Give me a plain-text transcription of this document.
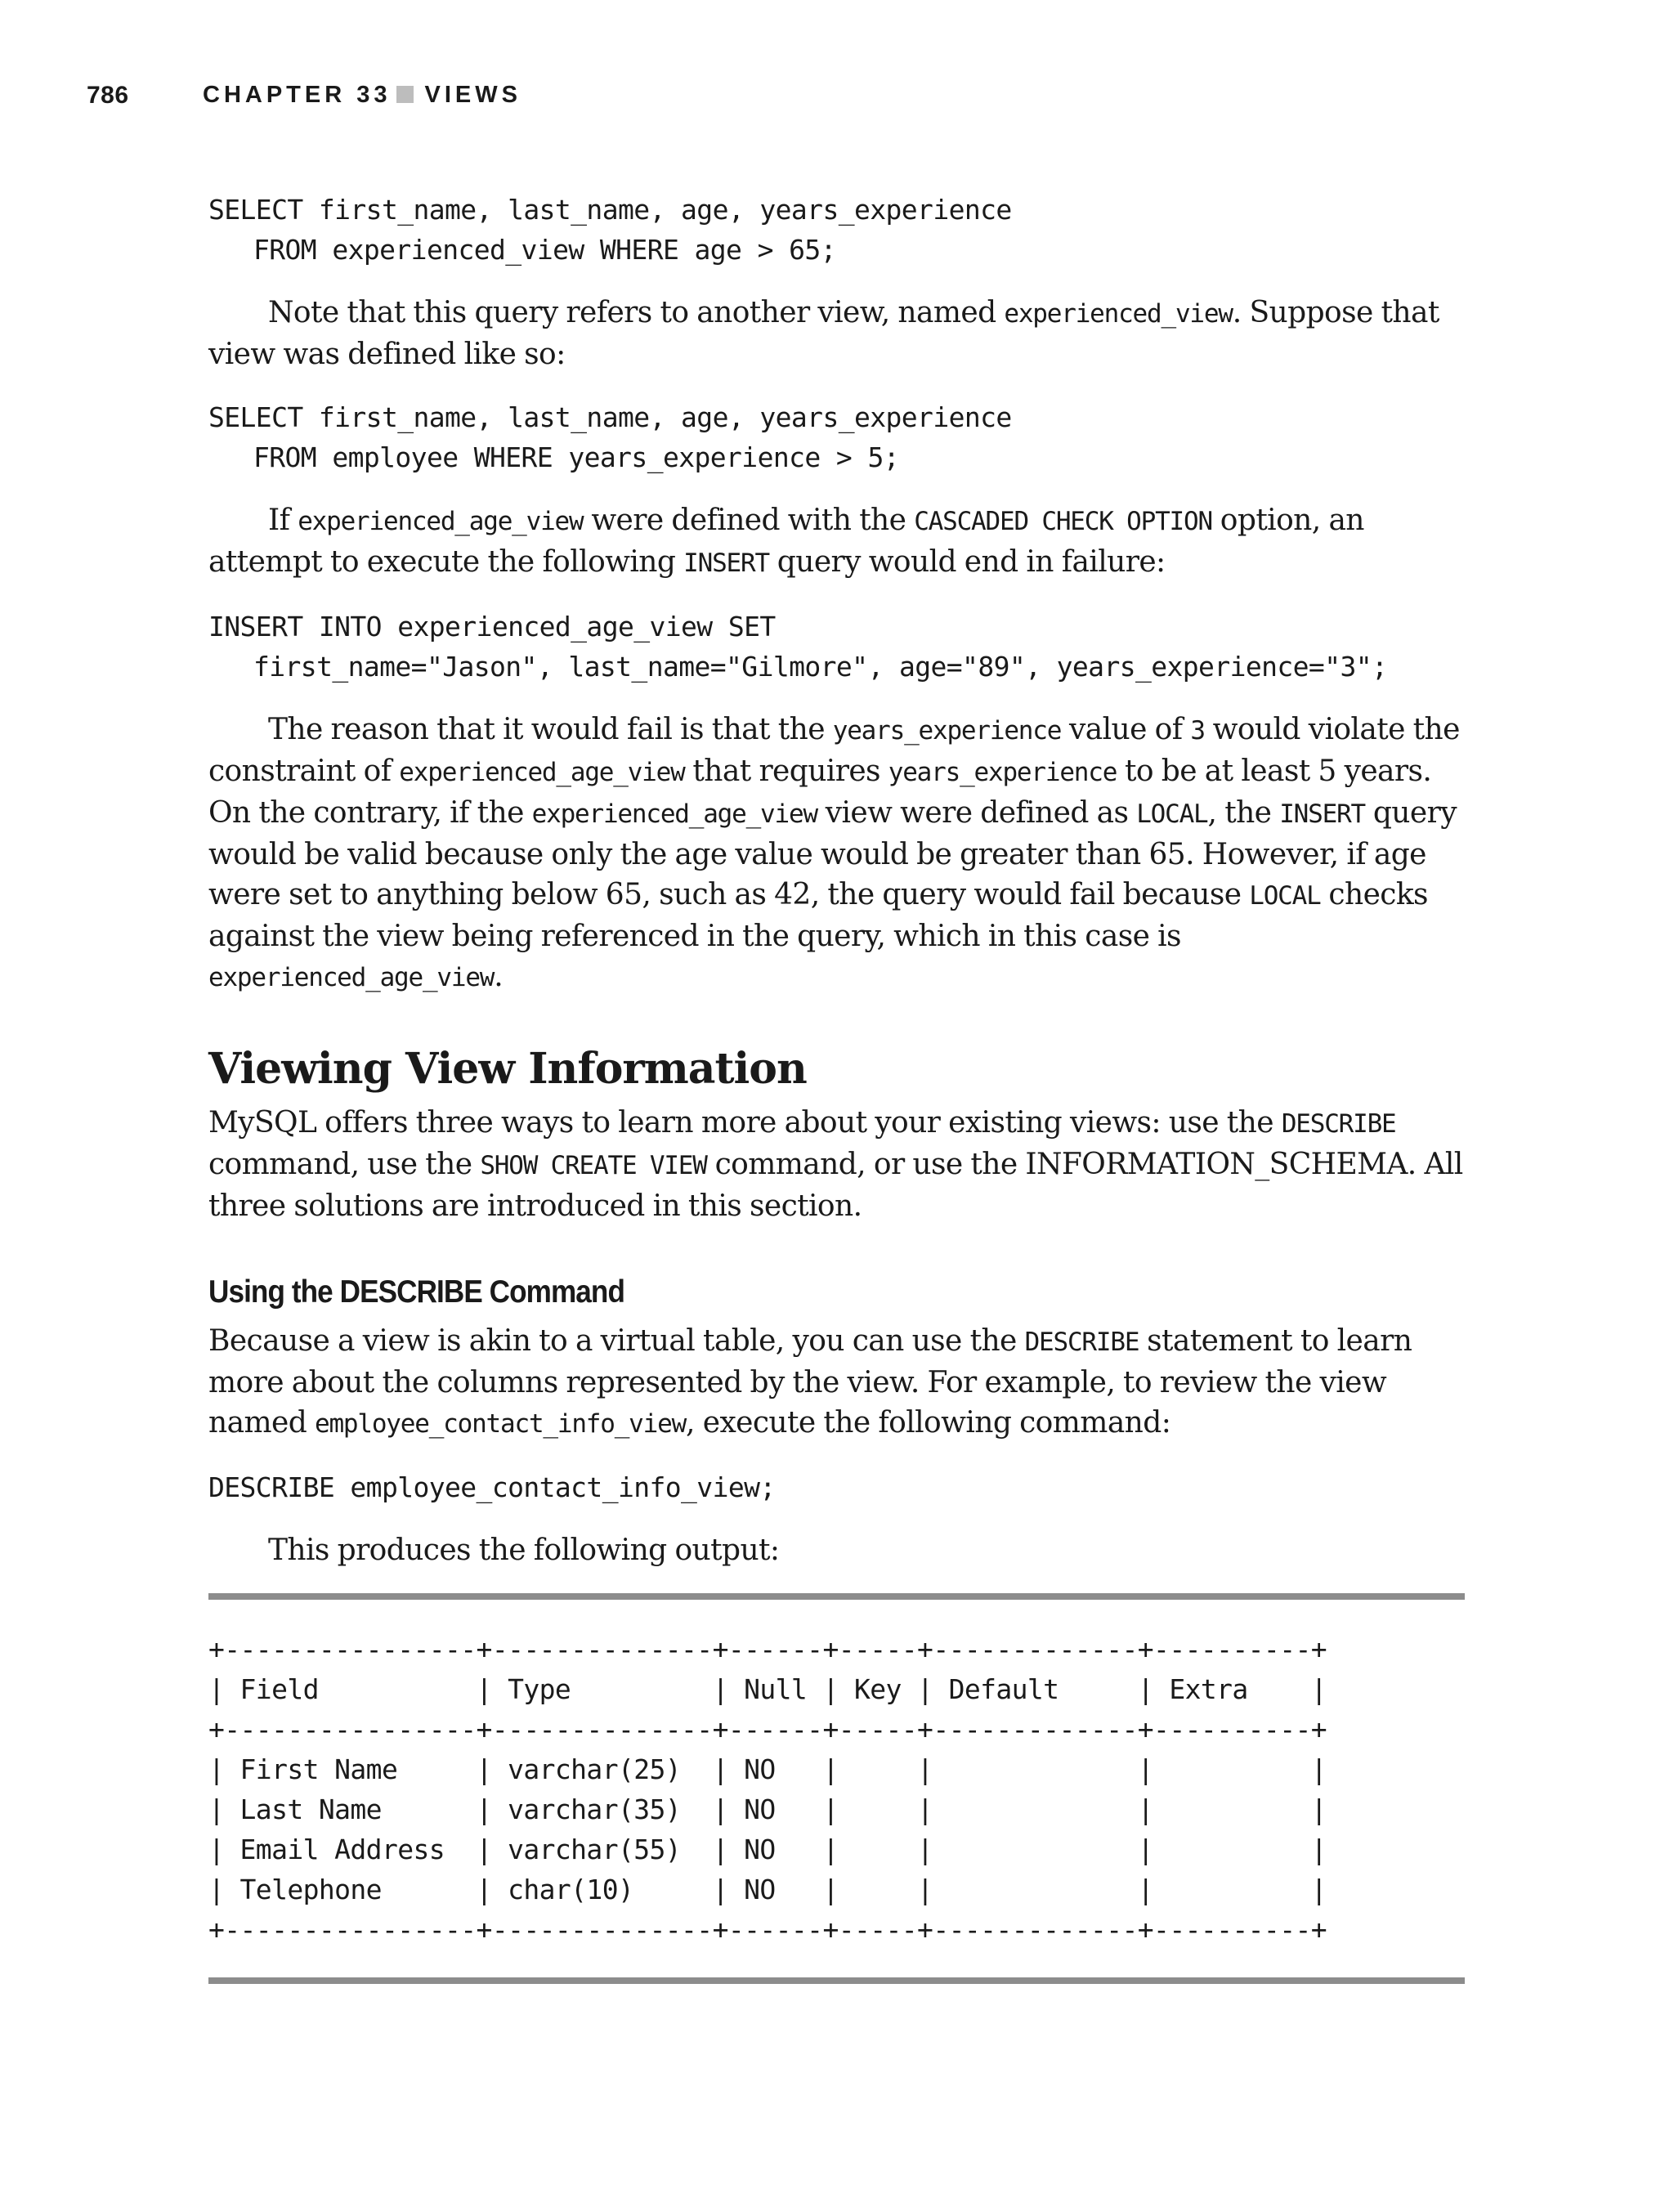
786	CHAPTER 33 VIEWS
SELECT first_name, last_name, age, years_experience
FROM experienced_view WHERE age > 65;

Note that this query refers to another view, named experienced_view. Suppose that view was defined like so:

SELECT first_name, last_name, age, years_experience
FROM employee WHERE years_experience > 5;

If experienced_age_view were defined with the CASCADED CHECK OPTION option, an attempt to execute the following INSERT query would end in failure:

INSERT INTO experienced_age_view SET
first_name="Jason", last_name="Gilmore", age="89", years_experience="3";

The reason that it would fail is that the years_experience value of 3 would violate the constraint of experienced_age_view that requires years_experience to be at least 5 years. On the contrary, if the experienced_age_view view were defined as LOCAL, the INSERT query would be valid because only the age value would be greater than 65. However, if age were set to anything below 65, such as 42, the query would fail because LOCAL checks against the view being referenced in the query, which in this case is experienced_age_view.

Viewing View Information

MySQL offers three ways to learn more about your existing views: use the DESCRIBE command, use the SHOW CREATE VIEW command, or use the INFORMATION_SCHEMA. All three solutions are introduced in this section.

Using the DESCRIBE Command

Because a view is akin to a virtual table, you can use the DESCRIBE statement to learn more about the columns represented by the view. For example, to review the view named employee_contact_info_view, execute the following command:

DESCRIBE employee_contact_info_view;

This produces the following output:

+----------------+--------------+------+-----+-------------+----------+
| Field          | Type         | Null | Key | Default     | Extra    |
+----------------+--------------+------+-----+-------------+----------+
| First Name     | varchar(25)  | NO   |     |             |          |
| Last Name      | varchar(35)  | NO   |     |             |          |
| Email Address  | varchar(55)  | NO   |     |             |          |
| Telephone      | char(10)     | NO   |     |             |          |
+----------------+--------------+------+-----+-------------+----------+
